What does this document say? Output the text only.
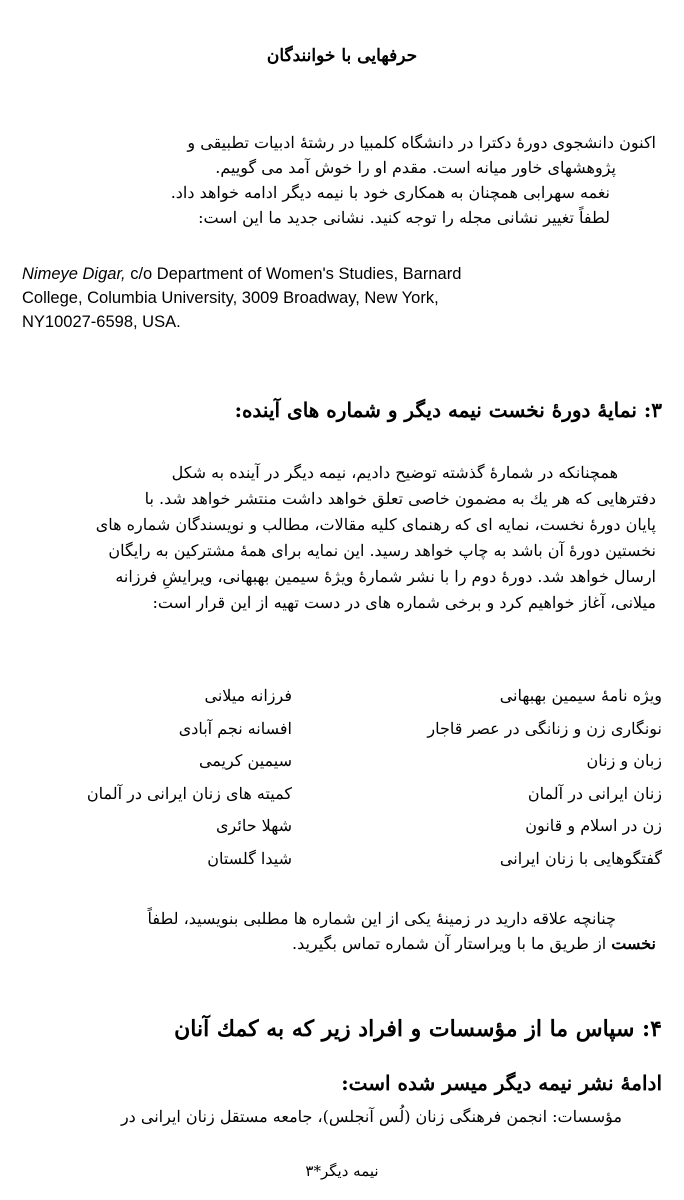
حرفهایی با خوانندگان
اکنون دانشجوی دورهٔ دکترا در دانشگاه کلمبیا در رشتهٔ ادبیات تطبیقی و
پژوهشهای خاور میانه است. مقدم او را خوش آمد می گوییم.
نغمه سهرابی همچنان به همکاری خود با نیمه دیگر ادامه خواهد داد.
لطفاً تغییر نشانی مجله را توجه کنید. نشانی جدید ما این است:
Nimeye Digar, c/o Department of Women's Studies, Barnard
College, Columbia University, 3009 Broadway, New York,
NY10027-6598, USA.
۳: نمایهٔ دورهٔ نخست نیمه دیگر و شماره های آینده:
همچنانکه در شمارهٔ گذشته توضیح دادیم، نیمه دیگر در آینده به شکل
دفترهایی که هر یك به مضمون خاصی تعلق خواهد داشت منتشر خواهد شد. با
پایان دورهٔ نخست، نمایه ای که رهنمای کلیه مقالات، مطالب و نویسندگان شماره های
نخستین دورهٔ آن باشد به چاپ خواهد رسید. این نمایه برای همهٔ مشترکین به رایگان
ارسال خواهد شد. دورهٔ دوم را با نشر شمارهٔ ویژهٔ سیمین بهبهانی، ویرایشِ فرزانه
میلانی، آغاز خواهیم کرد و برخی شماره های در دست تهیه از این قرار است:
ویژه نامهٔ سیمین بهبهانی
نونگاری زن و زنانگی در عصر قاجار
زبان و زنان
زنان ایرانی در آلمان
زن در اسلام و قانون
گفتگوهایی با زنان ایرانی
فرزانه میلانی
افسانه نجم آبادی
سیمین کریمی
کمیته های زنان ایرانی در آلمان
شهلا حائری
شیدا گلستان
چنانچه علاقه دارید در زمینهٔ یکی از این شماره ها مطلبی بنویسید، لطفاً
نخست از طریق ما با ویراستار آن شماره تماس بگیرید.
۴: سپاس ما از مؤسسات و افراد زیر که به کمك آنان
ادامهٔ نشر نیمه دیگر میسر شده است:
مؤسسات: انجمن فرهنگی زنان (لُس آنجلس)، جامعه مستقل زنان ایرانی در
نیمه دیگر*۳
